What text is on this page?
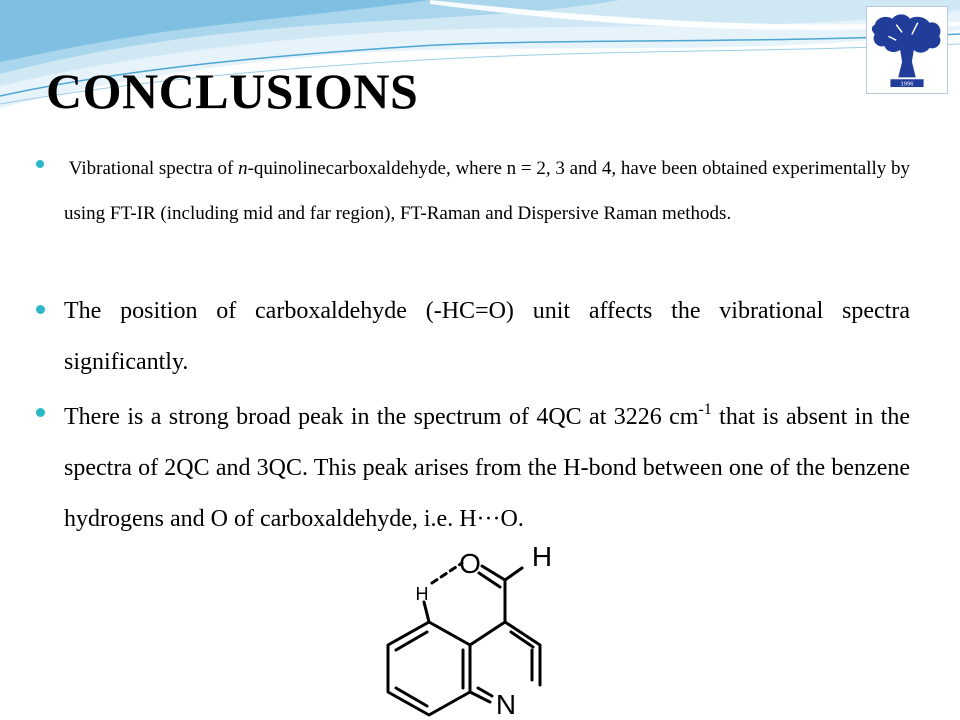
1996
CONCLUSIONS
Vibrational spectra of n-quinolinecarboxaldehyde, where n = 2, 3 and 4, have been obtained experimentally by using FT-IR (including mid and far region), FT-Raman and Dispersive Raman methods.
The position of carboxaldehyde (-HC=O) unit affects the vibrational spectra significantly.
There is a strong broad peak in the spectrum of 4QC at 3226 $cm^{-1}$ that is absent in the spectra of 2QC and 3QC. This peak arises from the H-bond between one of the benzene hydrogens and O of carboxaldehyde, i.e. H···O.
O H
H
N
